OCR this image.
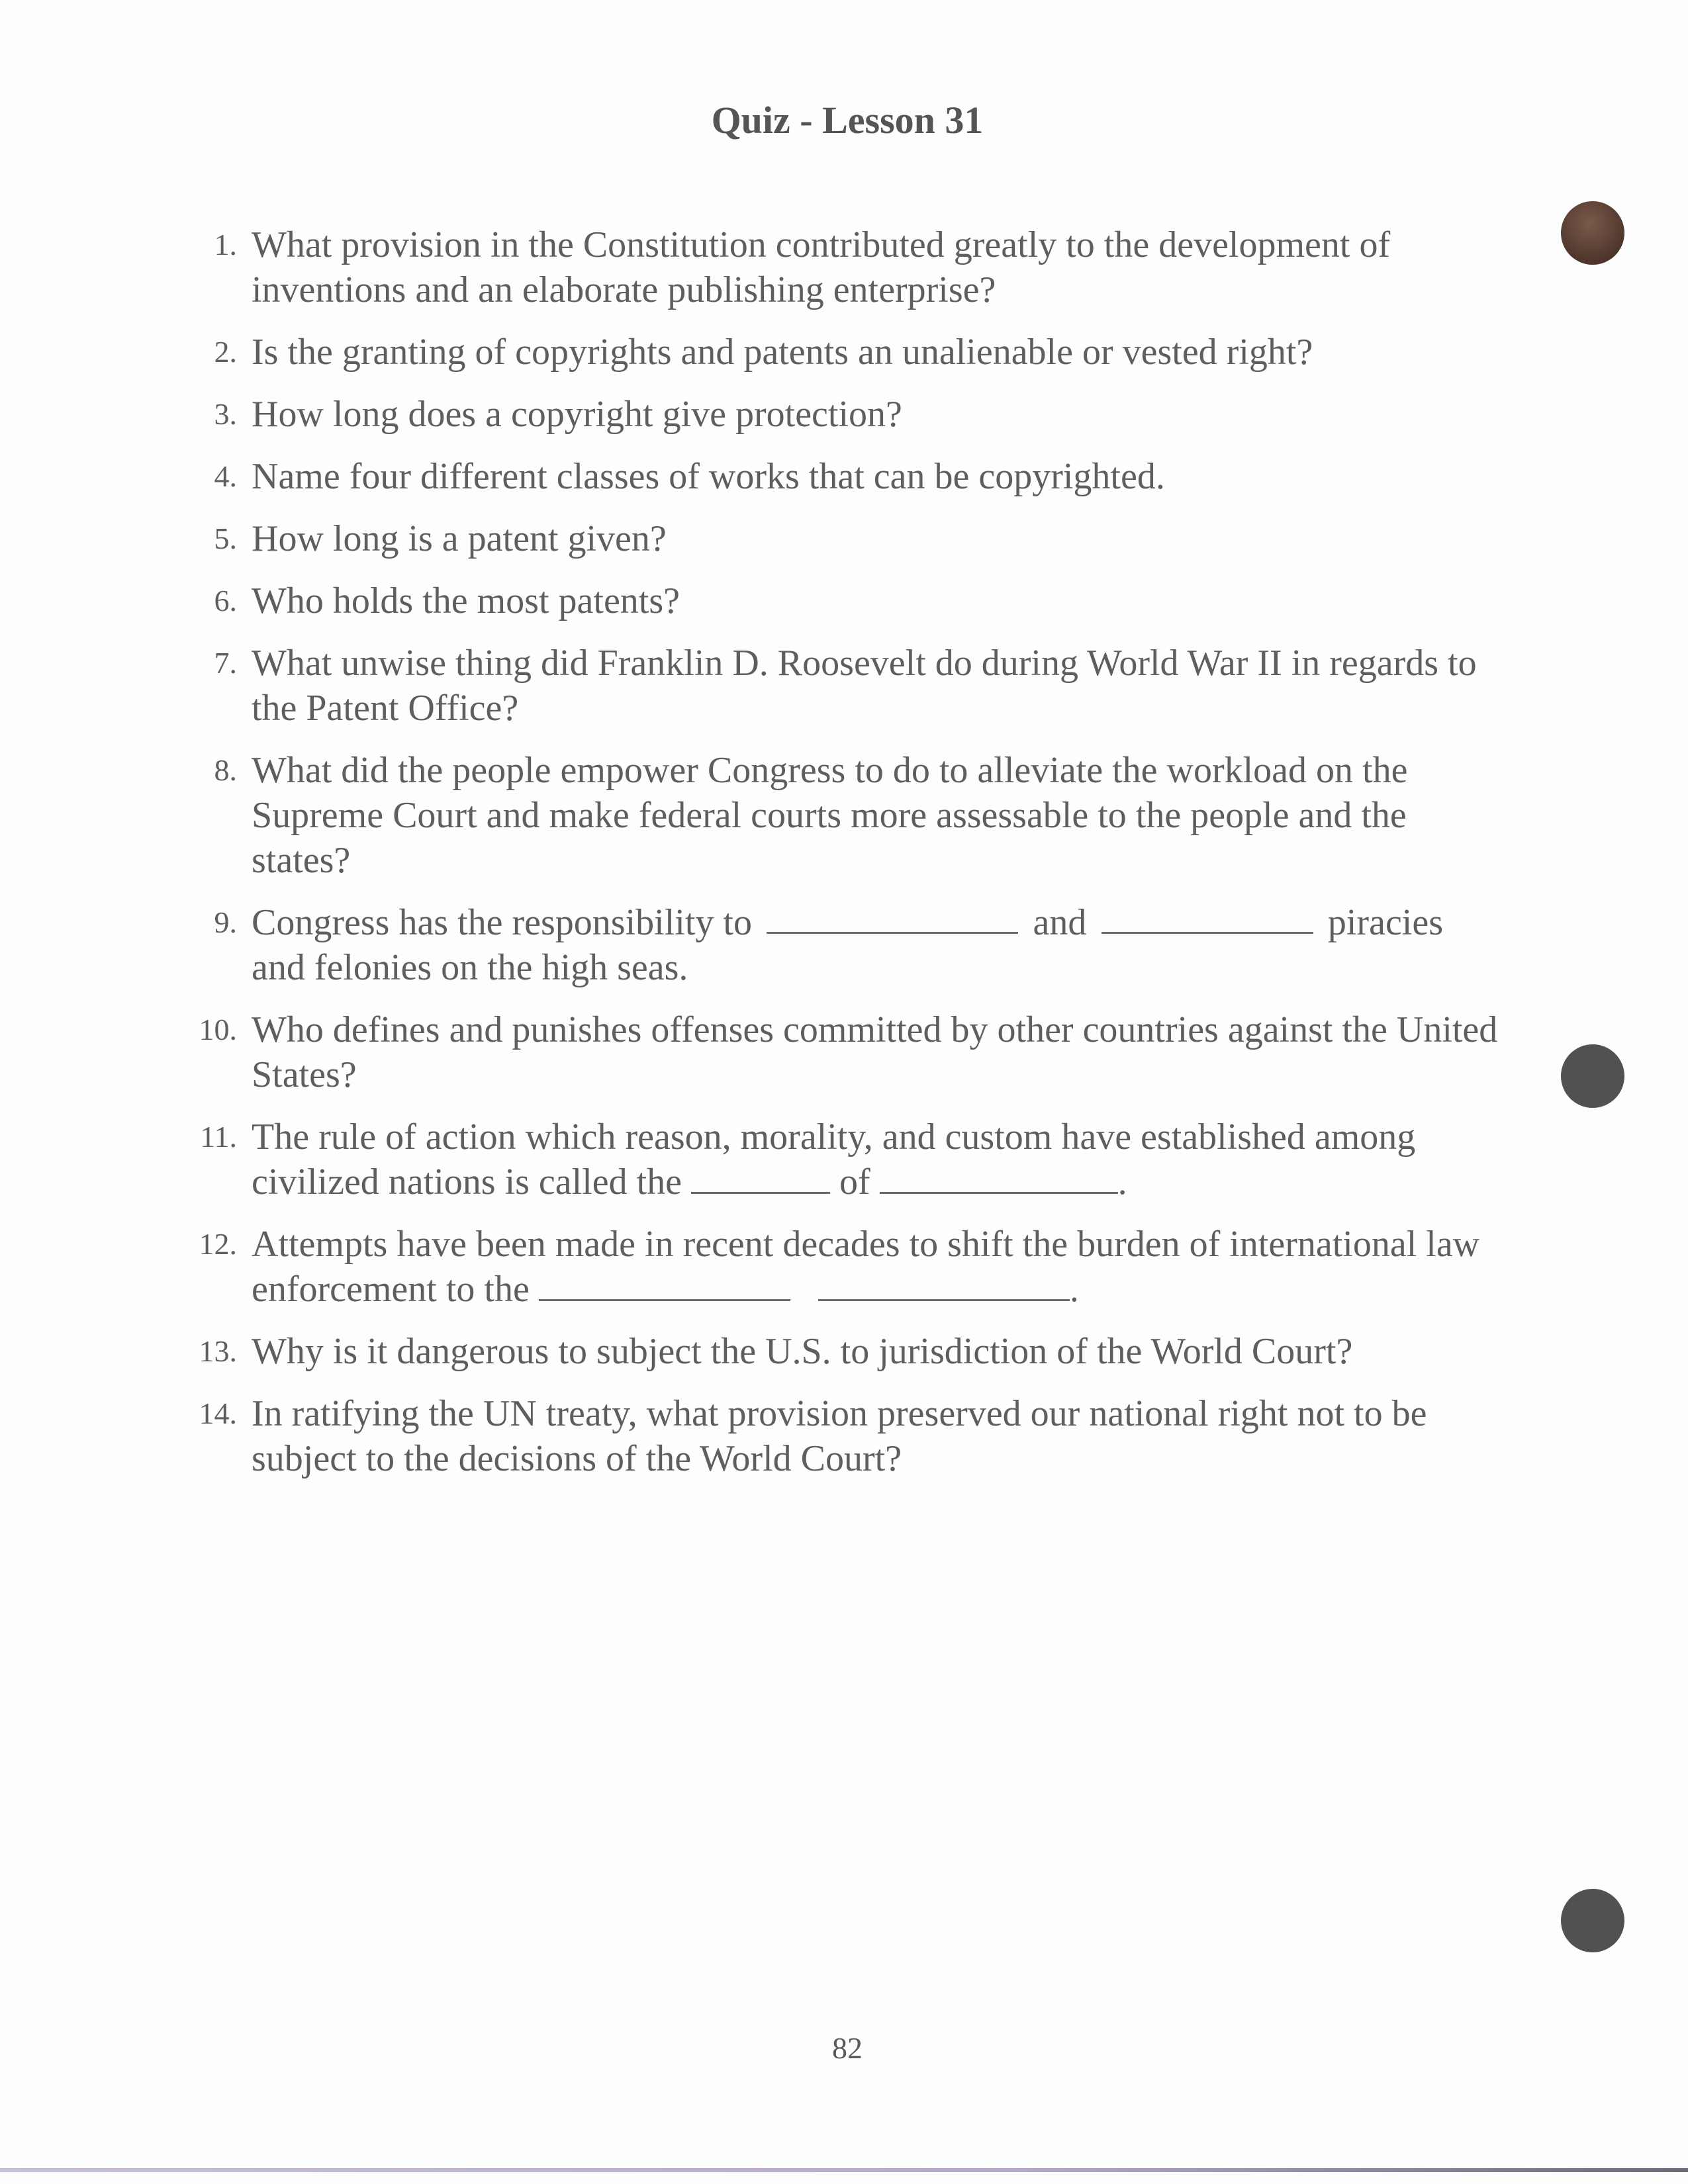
Quiz - Lesson 31
1. What provision in the Constitution contributed greatly to the development of inventions and an elaborate publishing enterprise?
2. Is the granting of copyrights and patents an unalienable or vested right?
3. How long does a copyright give protection?
4. Name four different classes of works that can be copyrighted.
5. How long is a patent given?
6. Who holds the most patents?
7. What unwise thing did Franklin D. Roosevelt do during World War II in regards to the Patent Office?
8. What did the people empower Congress to do to alleviate the workload on the Supreme Court and make federal courts more assessable to the people and the states?
9. Congress has the responsibility to	and	piracies
and felonies on the high seas.
10. Who defines and punishes offenses committed by other countries against the United States?
11. The rule of action which reason, morality, and custom have established among civilized nations is called the	of	.
12. Attempts have been made in recent decades to shift the burden of international law enforcement to the	.
13. Why is it dangerous to subject the U.S. to jurisdiction of the World Court?
14. In ratifying the UN treaty, what provision preserved our national right not to be subject to the decisions of the World Court?
82
